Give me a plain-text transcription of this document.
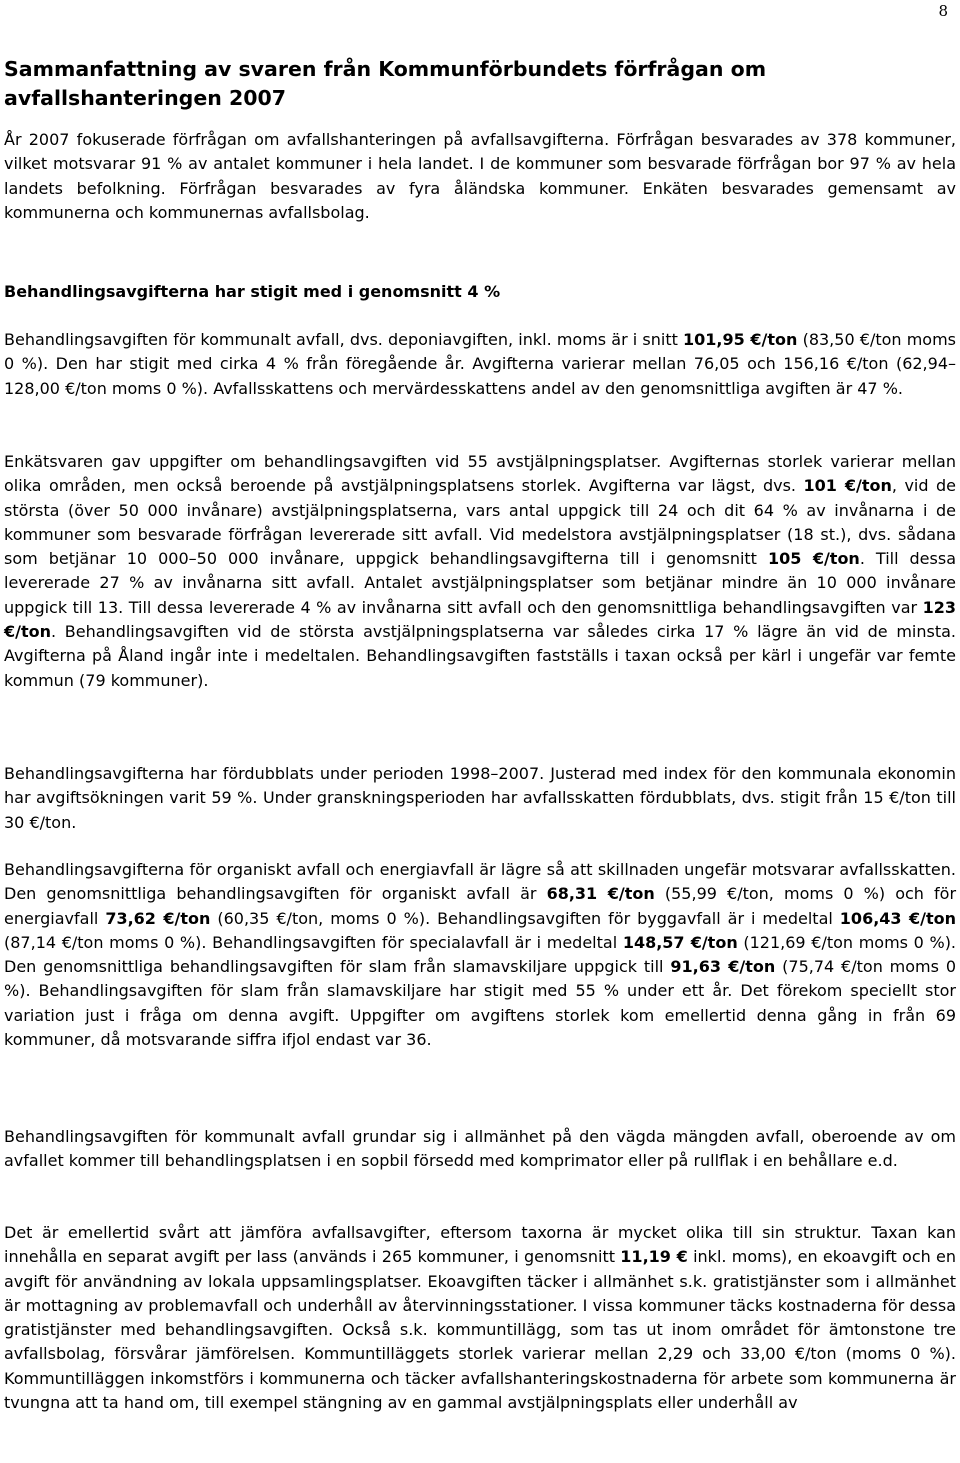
8
Sammanfattning av svaren från Kommunförbundets förfrågan om avfallshanteringen 2007
År 2007 fokuserade förfrågan om avfallshanteringen på avfallsavgifterna. Förfrågan besvarades av 378 kommuner, vilket motsvarar 91 % av antalet kommuner i hela landet. I de kommuner som besvarade förfrågan bor 97 % av hela landets befolkning. Förfrågan besvarades av fyra åländska kommuner. Enkäten besvarades gemensamt av kommunerna och kommunernas avfallsbolag.
Behandlingsavgifterna har stigit med i genomsnitt 4 %
Behandlingsavgiften för kommunalt avfall, dvs. deponiavgiften, inkl. moms är i snitt 101,95 €/ton (83,50 €/ton moms 0 %). Den har stigit med cirka 4 % från föregående år. Avgifterna varierar mellan 76,05 och 156,16 €/ton (62,94–128,00 €/ton moms 0 %). Avfallsskattens och mervärdesskattens andel av den genomsnittliga avgiften är 47 %.
Enkätsvaren gav uppgifter om behandlingsavgiften vid 55 avstjälpningsplatser. Avgifternas storlek varierar mellan olika områden, men också beroende på avstjälpningsplatsens storlek. Avgifterna var lägst, dvs. 101 €/ton, vid de största (över 50 000 invånare) avstjälpningsplatserna, vars antal uppgick till 24 och dit 64 % av invånarna i de kommuner som besvarade förfrågan levererade sitt avfall. Vid medelstora avstjälpningsplatser (18 st.), dvs. sådana som betjänar 10 000–50 000 invånare, uppgick behandlingsavgifterna till i genomsnitt 105 €/ton. Till dessa levererade 27 % av invånarna sitt avfall. Antalet avstjälpningsplatser som betjänar mindre än 10 000 invånare uppgick till 13. Till dessa levererade 4 % av invånarna sitt avfall och den genomsnittliga behandlingsavgiften var 123 €/ton. Behandlingsavgiften vid de största avstjälpningsplatserna var således cirka 17 % lägre än vid de minsta. Avgifterna på Åland ingår inte i medeltalen. Behandlingsavgiften fastställs i taxan också per kärl i ungefär var femte kommun (79 kommuner).
Behandlingsavgifterna har fördubblats under perioden 1998–2007. Justerad med index för den kommunala ekonomin har avgiftsökningen varit 59 %. Under granskningsperioden har avfallsskatten fördubblats, dvs. stigit från 15 €/ton till 30 €/ton.
Behandlingsavgifterna för organiskt avfall och energiavfall är lägre så att skillnaden ungefär motsvarar avfallsskatten. Den genomsnittliga behandlingsavgiften för organiskt avfall är 68,31 €/ton (55,99 €/ton, moms 0 %) och för energiavfall 73,62 €/ton (60,35 €/ton, moms 0 %). Behandlingsavgiften för byggavfall är i medeltal 106,43 €/ton (87,14 €/ton moms 0 %). Behandlingsavgiften för specialavfall är i medeltal 148,57 €/ton (121,69 €/ton moms 0 %). Den genomsnittliga behandlingsavgiften för slam från slamavskiljare uppgick till 91,63 €/ton (75,74 €/ton moms 0 %). Behandlingsavgiften för slam från slamavskiljare har stigit med 55 % under ett år. Det förekom speciellt stor variation just i fråga om denna avgift. Uppgifter om avgiftens storlek kom emellertid denna gång in från 69 kommuner, då motsvarande siffra ifjol endast var 36.
Behandlingsavgiften för kommunalt avfall grundar sig i allmänhet på den vägda mängden avfall, oberoende av om avfallet kommer till behandlingsplatsen i en sopbil försedd med komprimator eller på rullflak i en behållare e.d.
Det är emellertid svårt att jämföra avfallsavgifter, eftersom taxorna är mycket olika till sin struktur. Taxan kan innehålla en separat avgift per lass (används i 265 kommuner, i genomsnitt 11,19 € inkl. moms), en ekoavgift och en avgift för användning av lokala uppsamlingsplatser. Ekoavgiften täcker i allmänhet s.k. gratistjänster som i allmänhet är mottagning av problemavfall och underhåll av återvinningsstationer. I vissa kommuner täcks kostnaderna för dessa gratistjänster med behandlingsavgiften. Också s.k. kommuntillägg, som tas ut inom området för ämtonstone tre avfallsbolag, försvårar jämförelsen. Kommuntilläggets storlek varierar mellan 2,29 och 33,00 €/ton (moms 0 %). Kommuntilläggen inkomstförs i kommunerna och täcker avfallshanteringskostnaderna för arbete som kommunerna är tvungna att ta hand om, till exempel stängning av en gammal avstjälpningsplats eller underhåll av
